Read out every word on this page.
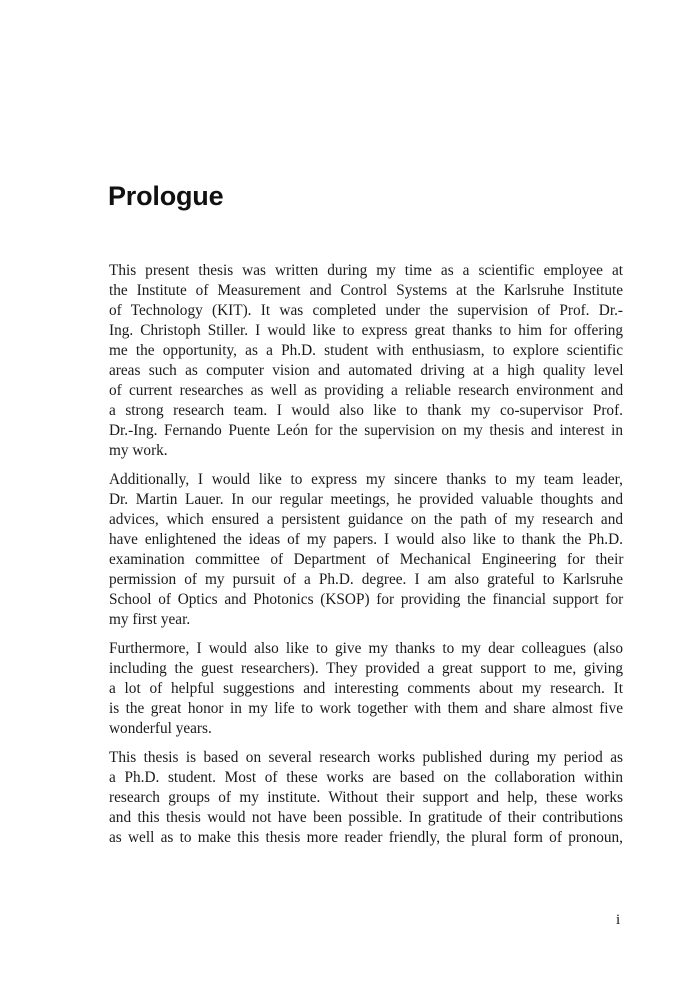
Prologue
This present thesis was written during my time as a scientific employee at
the Institute of Measurement and Control Systems at the Karlsruhe Institute
of Technology (KIT). It was completed under the supervision of Prof. Dr.-
Ing. Christoph Stiller. I would like to express great thanks to him for offering
me the opportunity, as a Ph.D. student with enthusiasm, to explore scientific
areas such as computer vision and automated driving at a high quality level
of current researches as well as providing a reliable research environment and
a strong research team. I would also like to thank my co-supervisor Prof.
Dr.-Ing. Fernando Puente León for the supervision on my thesis and interest in
my work.
Additionally, I would like to express my sincere thanks to my team leader,
Dr. Martin Lauer. In our regular meetings, he provided valuable thoughts and
advices, which ensured a persistent guidance on the path of my research and
have enlightened the ideas of my papers. I would also like to thank the Ph.D.
examination committee of Department of Mechanical Engineering for their
permission of my pursuit of a Ph.D. degree. I am also grateful to Karlsruhe
School of Optics and Photonics (KSOP) for providing the financial support for
my first year.
Furthermore, I would also like to give my thanks to my dear colleagues (also
including the guest researchers). They provided a great support to me, giving
a lot of helpful suggestions and interesting comments about my research. It
is the great honor in my life to work together with them and share almost five
wonderful years.
This thesis is based on several research works published during my period as
a Ph.D. student. Most of these works are based on the collaboration within
research groups of my institute. Without their support and help, these works
and this thesis would not have been possible. In gratitude of their contributions
as well as to make this thesis more reader friendly, the plural form of pronoun,
i
